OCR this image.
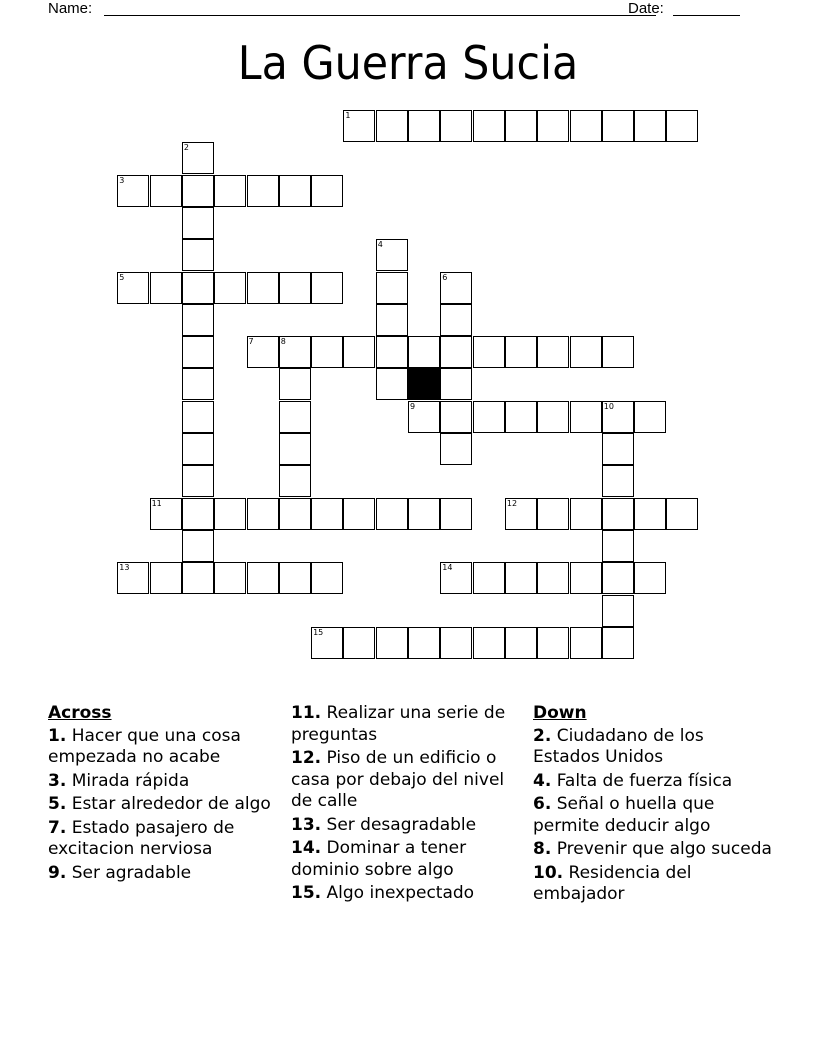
Name:	Date:
La Guerra Sucia
1
2
3
4
5	6
7	8
9	10
11	12
13	14
15
Across
1. Hacer que una cosa empezada no acabe
3. Mirada rápida
5. Estar alrededor de algo
7. Estado pasajero de excitacion nerviosa
9. Ser agradable
11. Realizar una serie de preguntas
12. Piso de un edificio o casa por debajo del nivel de calle
13. Ser desagradable
14. Dominar a tener dominio sobre algo
15. Algo inexpectado
Down
2. Ciudadano de los Estados Unidos
4. Falta de fuerza física
6. Señal o huella que permite deducir algo
8. Prevenir que algo suceda
10. Residencia del embajador
